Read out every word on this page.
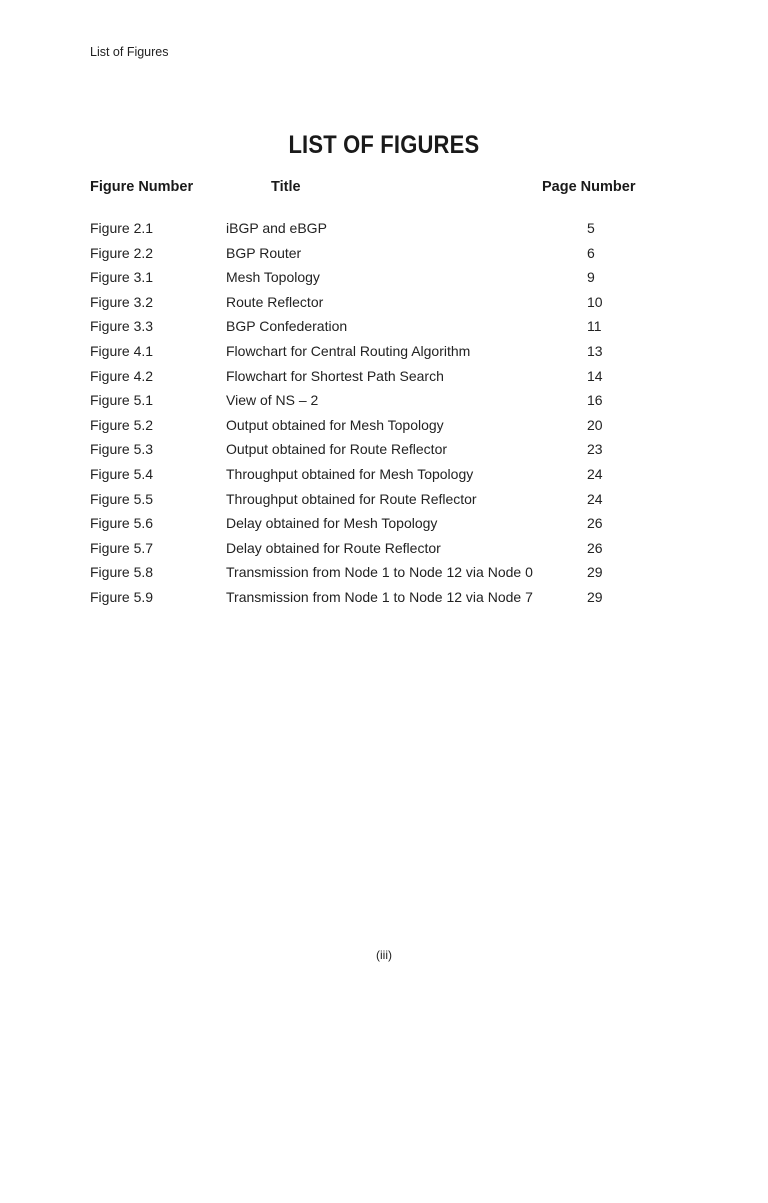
List of Figures
LIST OF FIGURES
Figure Number	Title	Page Number
Figure 2.1	iBGP and eBGP	5
Figure 2.2	BGP Router	6
Figure 3.1	Mesh Topology	9
Figure 3.2	Route Reflector	10
Figure 3.3	BGP Confederation	11
Figure 4.1	Flowchart for Central Routing Algorithm	13
Figure 4.2	Flowchart for Shortest Path Search	14
Figure 5.1	View of NS – 2	16
Figure 5.2	Output obtained for Mesh Topology	20
Figure 5.3	Output obtained for Route Reflector	23
Figure 5.4	Throughput obtained for Mesh Topology	24
Figure 5.5	Throughput obtained for Route Reflector	24
Figure 5.6	Delay obtained for Mesh Topology	26
Figure 5.7	Delay obtained for Route Reflector	26
Figure 5.8	Transmission from Node 1 to Node 12 via Node 0	29
Figure 5.9	Transmission from Node 1 to Node 12 via Node 7	29
(iii)
